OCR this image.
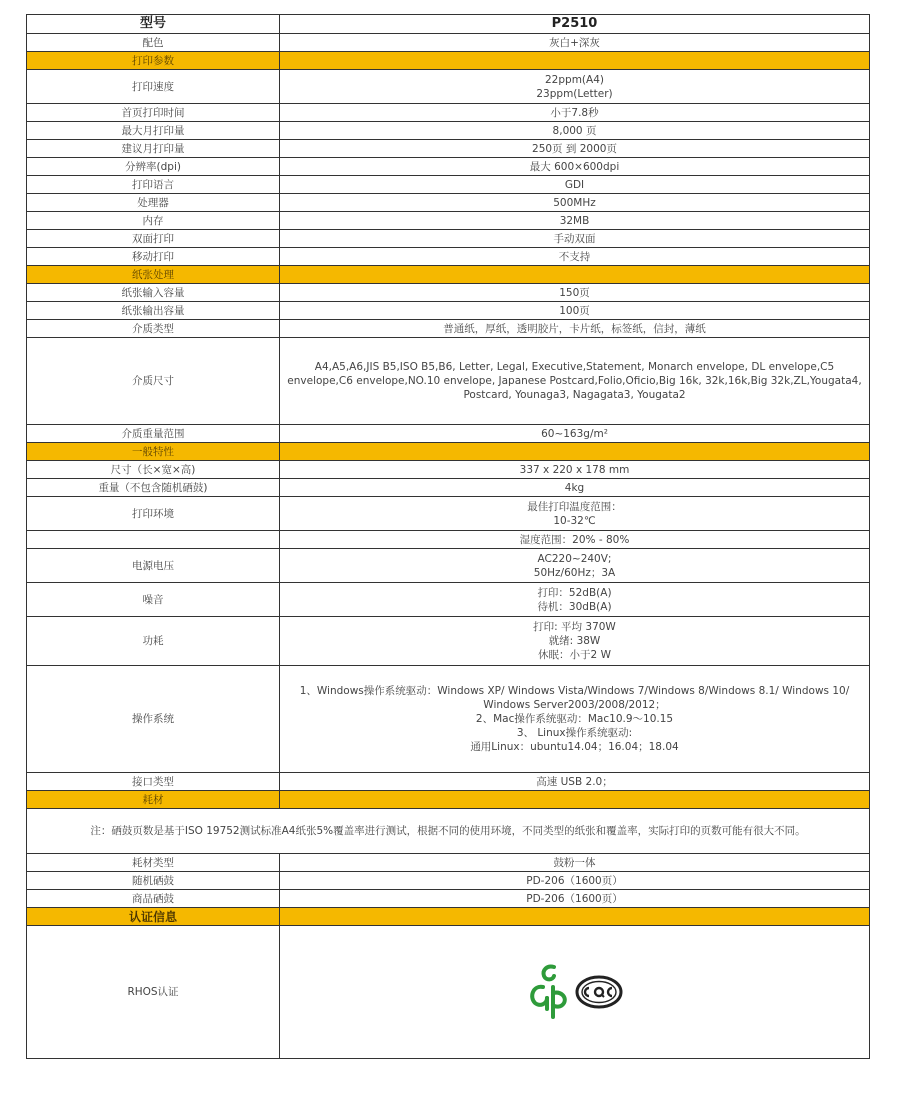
型号	P2510
配色	灰白+深灰

打印参数	
打印速度	22ppm(A4)
23ppm(Letter)

首页打印时间	小于7.8秒

最大月打印量	8,000 页

建议月打印量	250页 到 2000页

分辨率(dpi)	最大 600×600dpi

打印语言	GDI

处理器	500MHz

内存	32MB

双面打印	手动双面

移动打印	不支持

纸张处理	
纸张输入容量	150页

纸张输出容量	100页

介质类型	普通纸，厚纸，透明胶片，卡片纸，标签纸，信封，薄纸

介质尺寸	A4,A5,A6,JIS B5,ISO B5,B6, Letter, Legal, Executive,Statement, Monarch envelope, DL envelope,C5 envelope,C6 envelope,NO.10 envelope, Japanese Postcard,Folio,Oficio,Big 16k, 32k,16k,Big 32k,ZL,Yougata4, Postcard, Younaga3, Nagagata3, Yougata2

介质重量范围	60~163g/m²

一般特性	
尺寸（长×宽×高)	337 x 220 x 178 mm

重量（不包含随机硒鼓)	4kg

打印环境	最佳打印温度范围：
10-32℃

	湿度范围：20% - 80%

电源电压	AC220~240V;
50Hz/60Hz；3A

噪音	打印：52dB(A)
待机：30dB(A)

功耗	打印: 平均 370W
就绪: 38W
休眠：小于2 W

操作系统	1、Windows操作系统驱动：Windows XP/ Windows Vista/Windows 7/Windows 8/Windows 8.1/ Windows 10/ Windows Server2003/2008/2012；
2、Mac操作系统驱动：Mac10.9～10.15
3、 Linux操作系统驱动:
通用Linux：ubuntu14.04；16.04；18.04

接口类型	高速 USB 2.0；

耗材	
注：硒鼓页数是基于ISO 19752测试标准A4纸张5%覆盖率进行测试，根据不同的使用环境，不同类型的纸张和覆盖率，实际打印的页数可能有很大不同。	
耗材类型	鼓粉一体

随机硒鼓	PD-206（1600页）

商品硒鼓	PD-206（1600页）

认证信息	
RHOS认证	
